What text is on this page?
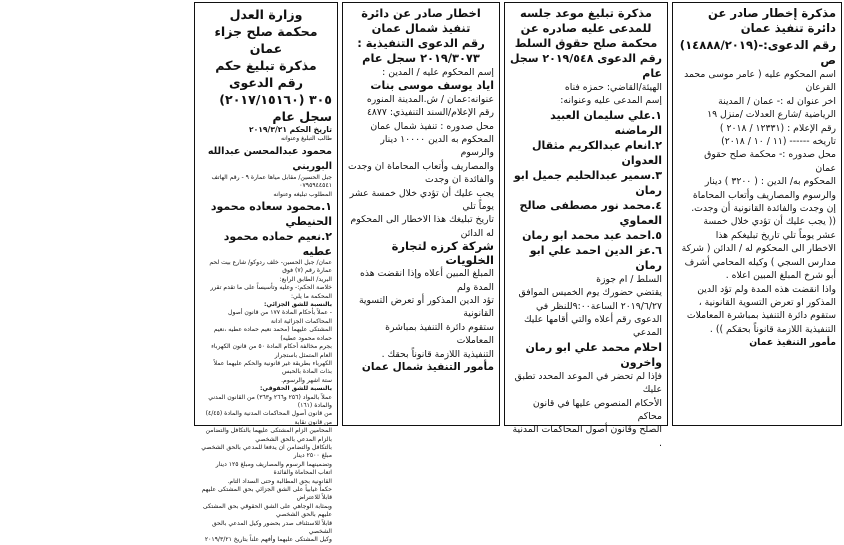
مذكرة إخطار صادر عن دائرة تنفيذ عمان
رقم الدعوى:-(١٤٨٨٨/٢٠١٩)
ص
اسم المحكوم عليه ( عامر موسى محمد
القرعان
اخر عنوان له :- عمان / المدينة
الرياضية /شارع العدلات /منزل ١٩
رقم الإعلام : (١٢٣٣١ / ٢٠١٨ )
تاريخه ------ (١١ / ١٠ / ٢٠١٨)
محل صدوره :- محكمة صلح حقوق
عمان
المحكوم به/ الدين : ( ٣٢٠٠ ) دينار
والرسوم والمصاريف وأتعاب المحاماة
إن وجدت والفائدة القانونية أن وجدت.
(( يجب عليك أن تؤدي خلال خمسة
عشر يوماً تلي تاريخ تبليغكم هذا
الاخطار الى المحكوم له / الدائن ( شركة
مدارس السجي ) وكيله المحامي أشرف
أبو شرخ المبلغ المبين اعلاه .
واذا انقضت هذه المدة ولم تؤد الدين
المذكور او تعرض التسوية القانونية ،
ستقوم دائرة التنفيذ بمباشرة المعاملات
التنفيذية اللازمة قانوناً بحقكم )) .
مأمور التنفيذ عمان
مذكرة تبليغ موعد جلسه للمدعى عليه صادره عن محكمة صلح حقوق السلط
رقم الدعوى ٢٠١٩/٥٤٨ سجل عام
الهيئة/القاضي: حمزه فناه
إسم المدعى عليه وعنوانه:
١.علي سليمان العبيد الرماضنه
٢.انعام عبدالكريم مثقال العدوان
٣.سمير عبدالحليم جميل ابو رمان
٤.محمد نور مصطفى صالح العماوي
٥.احمد عبد محمد ابو رمان
٦.عز الدين احمد علي ابو رمان
السلط / ام جوزة
يقتضي حضورك يوم الخميس الموافق
٢٠١٩/٦/٢٧ الساعة٩:٠٠للنظر في
الدعوى رقم أعلاه والتي أقامها عليك
المدعي
احلام محمد علي ابو رمان واخرون
فإذا لم تحضر في الموعد المحدد تطبق عليك
الأحكام المنصوص عليها في قانون محاكم
الصلح وقانون أصول المحاكمات المدنية .
اخطار صادر عن دائرة تنفيذ شمال عمان
رقم الدعوى التنفيذية :
٢٠١٩/٣٠٧٣ سجل عام
إسم المحكوم عليه / المدين :
اياد يوسف موسى بنات
عنوانه:عمان / ش.المدينة المنوره
رقم الإعلام/السند التنفيذي: ٤٨٧٧
محل صدوره : تنفيذ شمال عمان
المحكوم به الدين ١٠٠٠٠ دينار والرسوم
والمصاريف وأتعاب المحاماة ان وجدت
والفائدة ان وجدت
يجب عليك أن تؤدي خلال خمسة عشر يوماً تلي
تاريخ تبليغك هذا الاخطار الى المحكوم له الدائن
شركة كرزه لتجارة الخلويات
المبلغ المبين أعلاه وإذا انقضت هذه المدة ولم
تؤد الدين المذكور أو تعرض التسوية القانونية
ستقوم دائرة التنفيذ بمباشرة المعاملات
التنفيذية اللازمة قانوناً بحقك .
مأمور التنفيذ شمال عمان
وزارة العدل
محكمة صلح جزاء عمان
مذكرة تبليغ حكم
رقم الدعوى
٣٠٥ (٢٠١٧/١٥١٦٠) سجل عام
تاريخ الحكم ٢٠١٩/٣/٢١
طالب التبليغ وعنوانه
محمود عبدالمحسن عبدالله البوريني
جبل الحسين/ مقابل مياها عمارة ٩ - رقم الهاتف ٠٧٩٥٩٤٤٥٤١
المطلوب تبليغه وعنوانه
١.محمود سعاده محمود الحنيطي
٢.نعيم حماده محمود عطيه
عمان/ جبل الحسين- خلف ردوكو/ شارع بيت لحم عمارة رقم (٧) فوق
البريد/ الطابق الرابع:
خلاصة الحكم:- وعليه وتأسيساً على ما تقدم تقرر المحكمة ما يلي:
بالنسبة للشق الجزائي:
- عملاً بأحكام المادة ١٧٧ من قانون أصول المحاكمات الجزائية ادانة
المشتكى عليهما (محمد نعيم حماده عطيه ،نعيم حماده محمود عطيه)
بجرم مخالفة أحكام المادة ٥٠ من قانون الكهرباء العام المتمثل باستجرار
الكهرباء بطريقة غير قانونية والحكم عليهما عملاً بذات المادة بالحبس
ستة اشهر والرسوم.
بالنسبة للشق الحقوقي:
عملاً بالمواد (٢٥٦ و٢٦٦ و٣٦٣) من القانون المدني والمادة (١٦١)
من قانون أصول المحاكمات المدنية والمادة (٤/٤٥) من قانون نقابة
المحامين الزام المشتكى عليهما بالتكافل والتضامن بالزام المدعي بالحق الشخصي
بالتكافل والتضامن ان يدفعا للمدعي بالحق الشخصي مبلغ ٢٥٠٠ دينار
وتضمينهما الرسوم والمصاريف ومبلغ ١٢٥ دينار اتعاب المحاماة والفائدة
القانونية بحق المطالبة وحتى السداد التام.
حكماً غيابياً على الشق الجزائي بحق المشتكى عليهم قابلاً للاعتراض
وبمثابة الوجاهي على الشق الحقوقي بحق المشتكى عليهم بالحق الشخصي
قابلاً للاستئناف صدر بحضور وكيل المدعي بالحق الشخصي
وكيل المشتكى عليهما وأفهم علناً بتاريخ ٢٠١٩/٣/٢١
